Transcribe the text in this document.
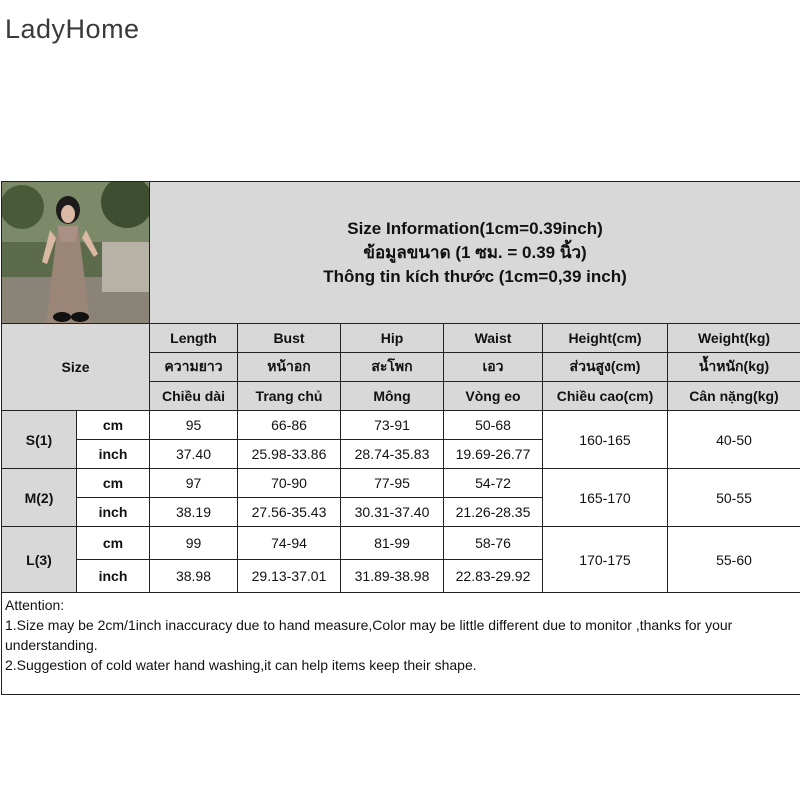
LadyHome

Size Information(1cm=0.39inch)
ข้อมูลขนาด (1 ซม. = 0.39 นิ้ว)
Thông tin kích thước (1cm=0,39 inch)					

Size		Length	Bust	Hip	Waist	Height(cm)	Weight(kg)
		ความยาว	หน้าอก	สะโพก	เอว	ส่วนสูง(cm)	น้ำหนัก(kg)
		Chiều dài	Trang chủ	Mông	Vòng eo	Chiều cao(cm)	Cân nặng(kg)
S(1)	cm	95	66-86	73-91	50-68	160-165	40-50
	inch	37.40	25.98-33.86	28.74-35.83	19.69-26.77		
M(2)	cm	97	70-90	77-95	54-72	165-170	50-55
	inch	38.19	27.56-35.43	30.31-37.40	21.26-28.35		
L(3)	cm	99	74-94	81-99	58-76	170-175	55-60
	inch	38.98	29.13-37.01	31.89-38.98	22.83-29.92		

Attention:
1.Size may be 2cm/1inch inaccuracy due to hand measure,Color may be little different due to monitor ,thanks for your understanding.
2.Suggestion of cold water hand washing,it can help items keep their shape.							
